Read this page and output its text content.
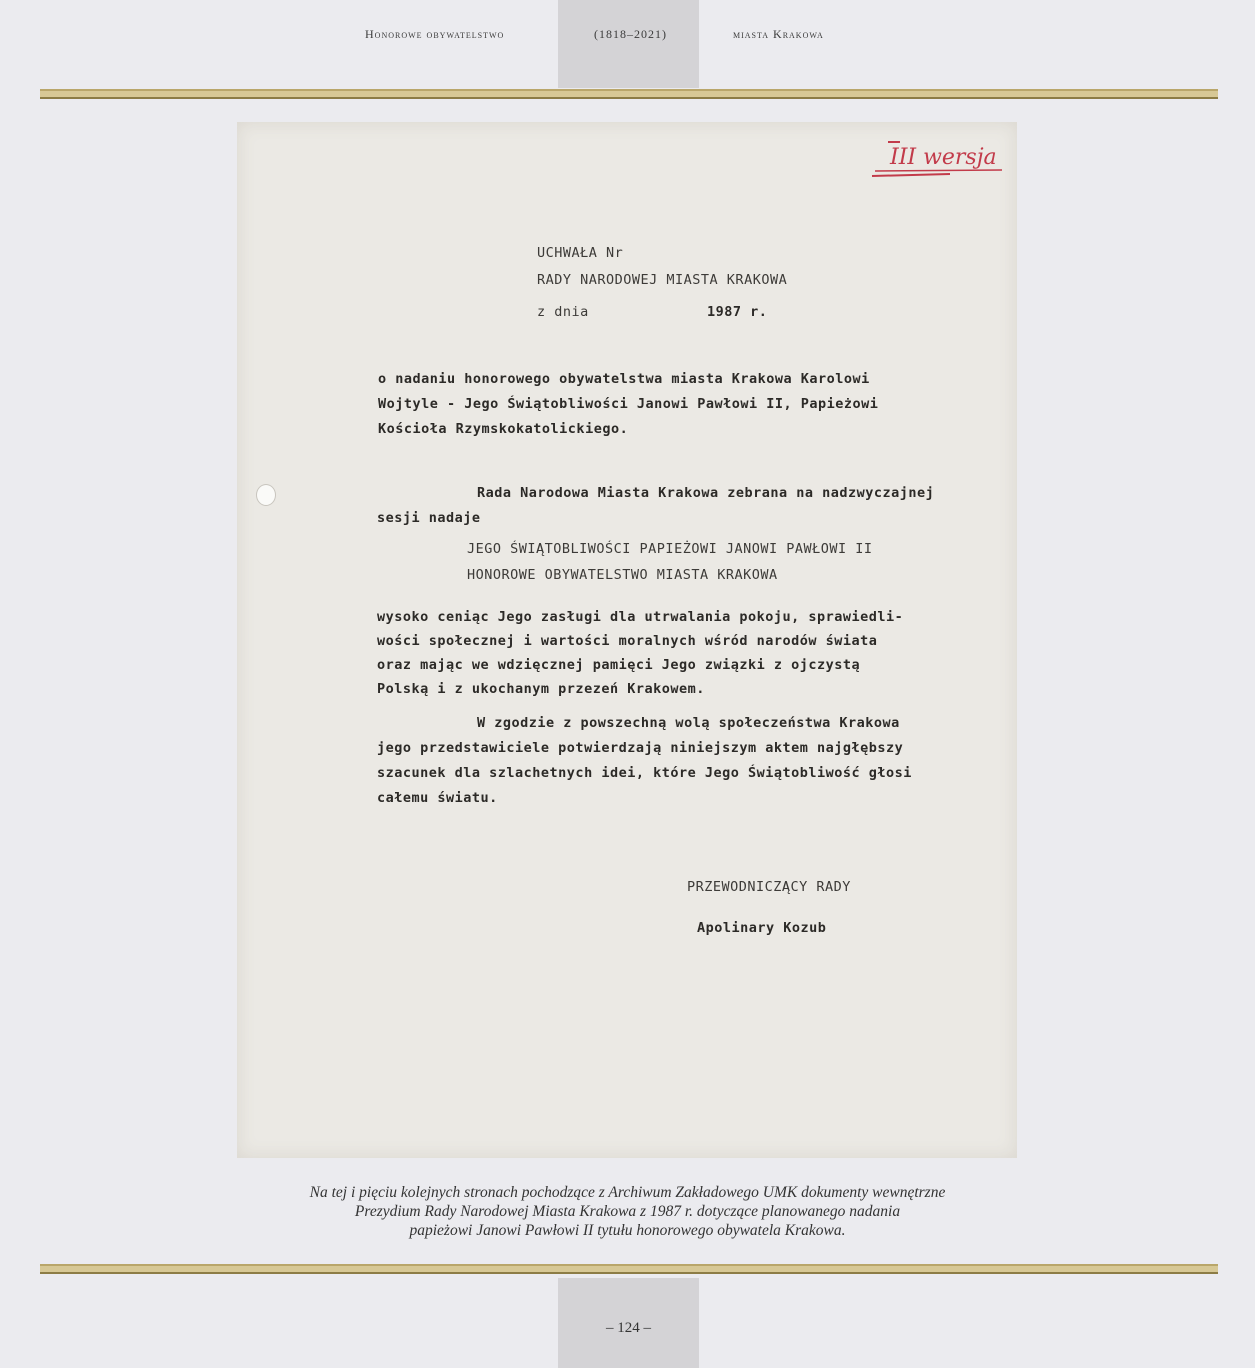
Honorowe obywatelstwo	(1818–2021)	miasta Krakowa
III wersja
UCHWAŁA Nr
RADY NARODOWEJ MIASTA KRAKOWA
z dnia	1987 r.
o nadaniu honorowego obywatelstwa miasta Krakowa Karolowi
Wojtyle - Jego Świątobliwości Janowi Pawłowi II, Papieżowi
Kościoła Rzymskokatolickiego.
Rada Narodowa Miasta Krakowa zebrana na nadzwyczajnej
sesji nadaje
JEGO ŚWIĄTOBLIWOŚCI PAPIEŻOWI JANOWI PAWŁOWI II
HONOROWE OBYWATELSTWO MIASTA KRAKOWA
wysoko ceniąc Jego zasługi dla utrwalania pokoju, sprawiedli-
wości społecznej i wartości moralnych wśród narodów świata
oraz mając we wdzięcznej pamięci Jego związki z ojczystą
Polską i z ukochanym przezeń Krakowem.
W zgodzie z powszechną wolą społeczeństwa Krakowa
jego przedstawiciele potwierdzają niniejszym aktem najgłębszy
szacunek dla szlachetnych idei, które Jego Świątobliwość głosi
całemu światu.
PRZEWODNICZĄCY RADY
Apolinary Kozub
Na tej i pięciu kolejnych stronach pochodzące z Archiwum Zakładowego UMK dokumenty wewnętrzne
Prezydium Rady Narodowej Miasta Krakowa z 1987 r. dotyczące planowanego nadania
papieżowi Janowi Pawłowi II tytułu honorowego obywatela Krakowa.
– 124 –
